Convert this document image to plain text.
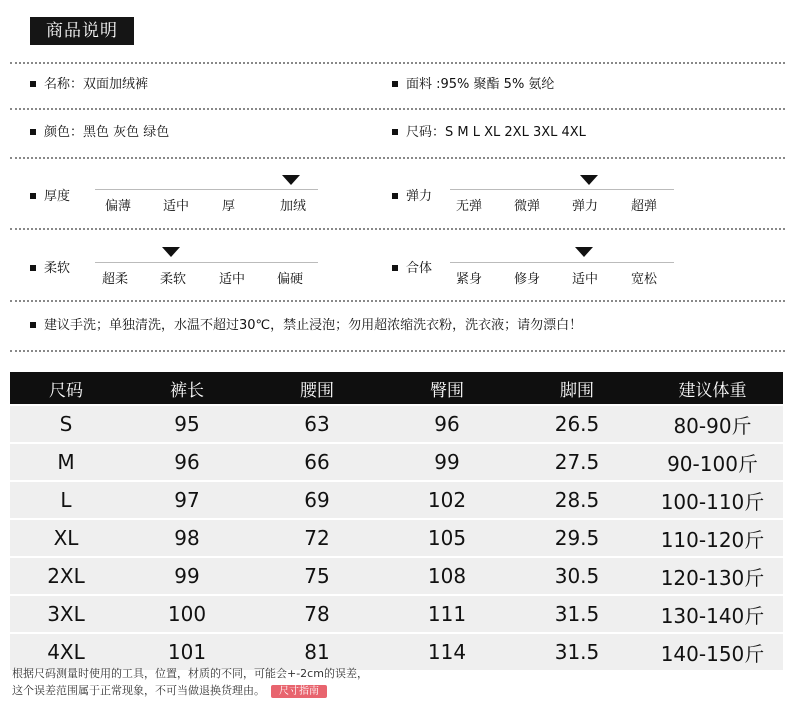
商品说明
名称：双面加绒裤	面料 :95% 聚酯 5% 氨纶
颜色：黑色 灰色 绿色	尺码：S M L XL 2XL 3XL 4XL
厚度
偏薄 适中	厚	加绒
弹力
无弹 微弹 弹力	超弹
柔软
超柔 柔软	适中 偏硬
合体
紧身 修身 适中	宽松
建议手洗；单独清洗，水温不超过30℃，禁止浸泡；勿用超浓缩洗衣粉，洗衣液；请勿漂白！
尺码	裤长	腰围	臀围	脚围	建议体重
S	95	63	96	26.5	80-90斤
M	96	66	99	27.5	90-100斤
L	97	69	102	28.5	100-110斤
XL	98	72	105	29.5	110-120斤
2XL	99	75	108	30.5	120-130斤
3XL	100	78	111	31.5	130-140斤
4XL	101	81	114	31.5	140-150斤
根据尺码测量时使用的工具，位置，材质的不同，可能会+-2cm的误差，
这个误差范围属于正常现象，不可当做退换货理由。 尺寸指南
